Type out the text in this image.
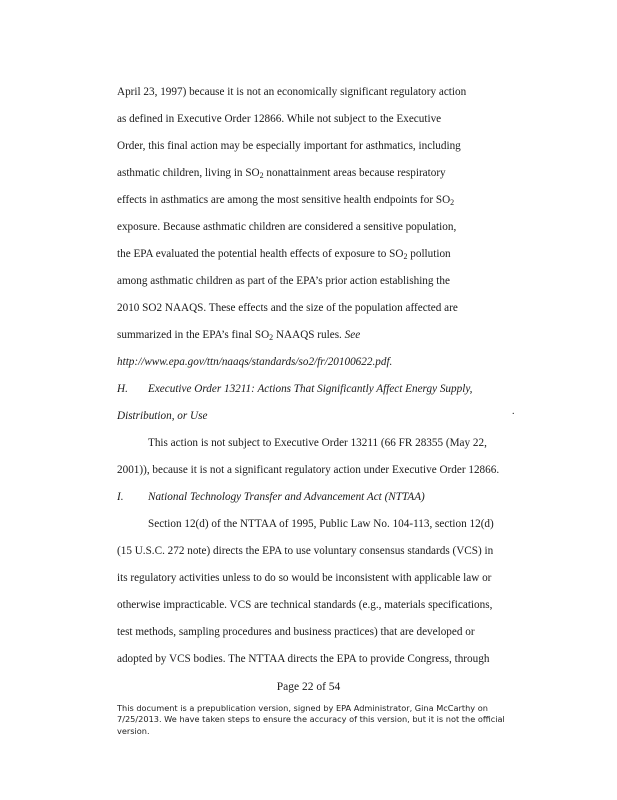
April 23, 1997) because it is not an economically significant regulatory action
as defined in Executive Order 12866. While not subject to the Executive
Order, this final action may be especially important for asthmatics, including
asthmatic children, living in $SO_2$ nonattainment areas because respiratory
effects in asthmatics are among the most sensitive health endpoints for $SO_2$
exposure. Because asthmatic children are considered a sensitive population,
the EPA evaluated the potential health effects of exposure to $SO_2$ pollution
among asthmatic children as part of the EPA’s prior action establishing the
2010 SO2 NAAQS. These effects and the size of the population affected are
summarized in the EPA’s final $SO_2$ NAAQS rules. See
http://www.epa.gov/ttn/naaqs/standards/so2/fr/20100622.pdf.
H. Executive Order 13211: Actions That Significantly Affect Energy Supply,
Distribution, or Use	.
This action is not subject to Executive Order 13211 (66 FR 28355 (May 22,
2001)), because it is not a significant regulatory action under Executive Order 12866.
I. National Technology Transfer and Advancement Act (NTTAA)
Section 12(d) of the NTTAA of 1995, Public Law No. 104-113, section 12(d)
(15 U.S.C. 272 note) directs the EPA to use voluntary consensus standards (VCS) in
its regulatory activities unless to do so would be inconsistent with applicable law or
otherwise impracticable. VCS are technical standards (e.g., materials specifications,
test methods, sampling procedures and business practices) that are developed or
adopted by VCS bodies. The NTTAA directs the EPA to provide Congress, through
Page 22 of 54
This document is a prepublication version, signed by EPA Administrator, Gina McCarthy on 7/25/2013. We have taken steps to ensure the accuracy of this version, but it is not the official version.
